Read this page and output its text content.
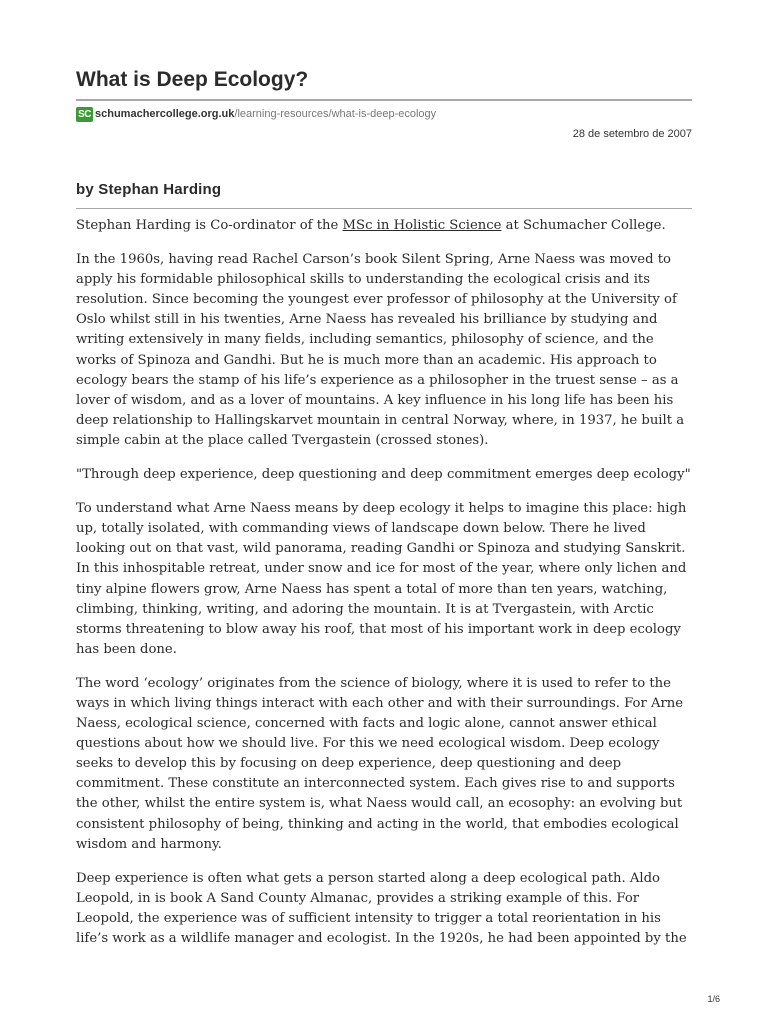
What is Deep Ecology?
SC schumachercollege.org.uk/learning-resources/what-is-deep-ecology
28 de setembro de 2007
by Stephan Harding

Stephan Harding is Co-ordinator of the MSc in Holistic Science at Schumacher College.

In the 1960s, having read Rachel Carson’s book Silent Spring, Arne Naess was moved to apply his formidable philosophical skills to understanding the ecological crisis and its resolution. Since becoming the youngest ever professor of philosophy at the University of Oslo whilst still in his twenties, Arne Naess has revealed his brilliance by studying and writing extensively in many fields, including semantics, philosophy of science, and the works of Spinoza and Gandhi. But he is much more than an academic. His approach to ecology bears the stamp of his life’s experience as a philosopher in the truest sense – as a lover of wisdom, and as a lover of mountains. A key influence in his long life has been his deep relationship to Hallingskarvet mountain in central Norway, where, in 1937, he built a simple cabin at the place called Tvergastein (crossed stones).

"Through deep experience, deep questioning and deep commitment emerges deep ecology"

To understand what Arne Naess means by deep ecology it helps to imagine this place: high up, totally isolated, with commanding views of landscape down below. There he lived looking out on that vast, wild panorama, reading Gandhi or Spinoza and studying Sanskrit. In this inhospitable retreat, under snow and ice for most of the year, where only lichen and tiny alpine flowers grow, Arne Naess has spent a total of more than ten years, watching, climbing, thinking, writing, and adoring the mountain. It is at Tvergastein, with Arctic storms threatening to blow away his roof, that most of his important work in deep ecology has been done.

The word ‘ecology’ originates from the science of biology, where it is used to refer to the ways in which living things interact with each other and with their surroundings. For Arne Naess, ecological science, concerned with facts and logic alone, cannot answer ethical questions about how we should live. For this we need ecological wisdom. Deep ecology seeks to develop this by focusing on deep experience, deep questioning and deep commitment. These constitute an interconnected system. Each gives rise to and supports the other, whilst the entire system is, what Naess would call, an ecosophy: an evolving but consistent philosophy of being, thinking and acting in the world, that embodies ecological wisdom and harmony.

Deep experience is often what gets a person started along a deep ecological path. Aldo Leopold, in is book A Sand County Almanac, provides a striking example of this. For Leopold, the experience was of sufficient intensity to trigger a total reorientation in his life’s work as a wildlife manager and ecologist. In the 1920s, he had been appointed by the

1/6
